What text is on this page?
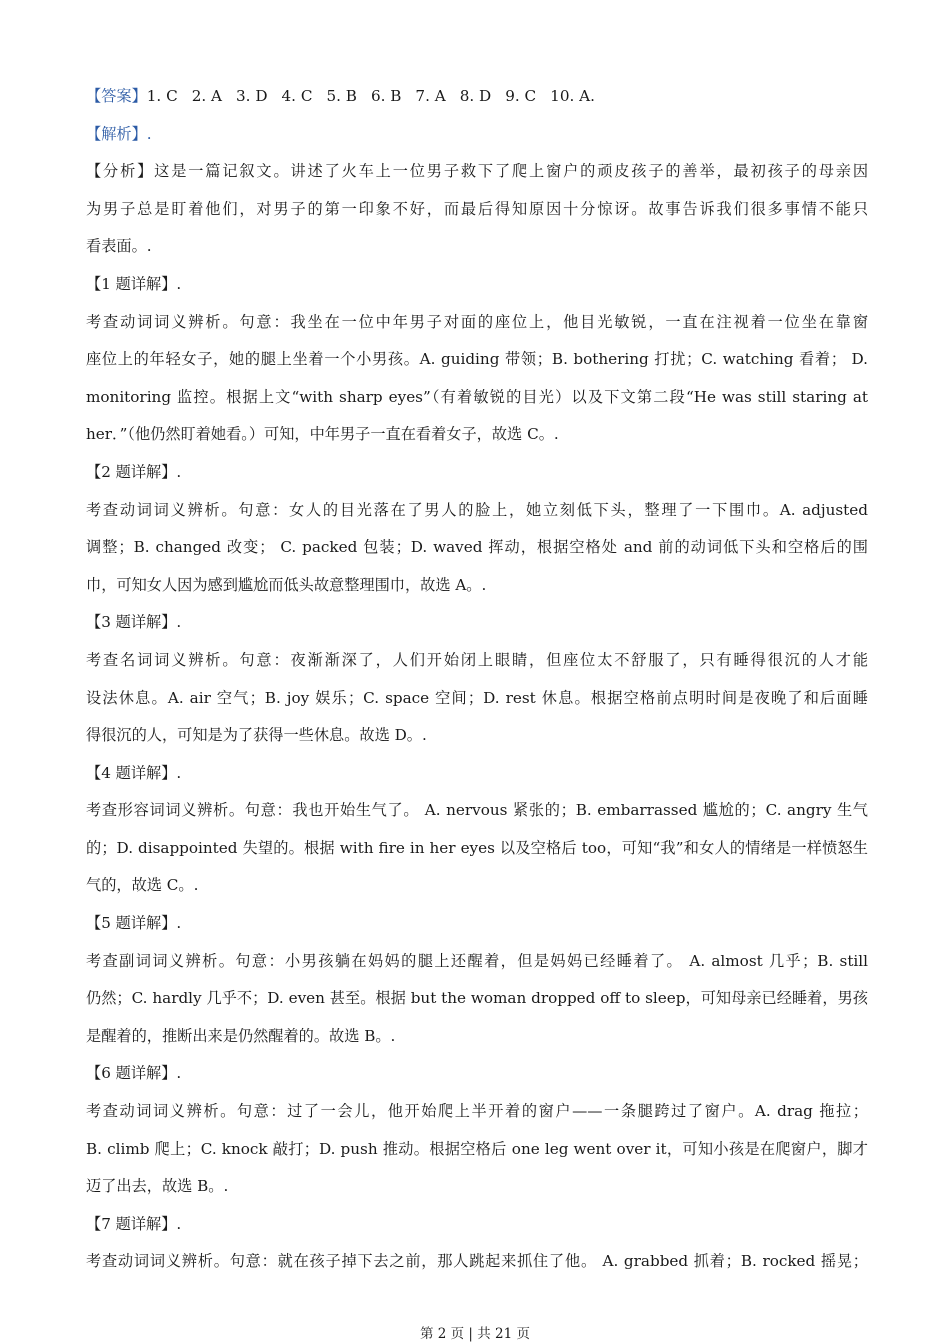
【答案】1. C 2. A 3. D 4. C 5. B 6. B 7. A 8. D 9. C 10. A.
【解析】.
【分析】这是一篇记叙文。讲述了火车上一位男子救下了爬上窗户的顽皮孩子的善举，最初孩子的母亲因
为男子总是盯着他们，对男子的第一印象不好，而最后得知原因十分惊讶。故事告诉我们很多事情不能只
看表面。.
【1 题详解】.
考查动词词义辨析。句意：我坐在一位中年男子对面的座位上，他目光敏锐，一直在注视着一位坐在靠窗
座位上的年轻女子，她的腿上坐着一个小男孩。A. guiding 带领；B. bothering 打扰；C. watching 看着； D.
monitoring 监控。根据上文“with sharp eyes”（有着敏锐的目光）以及下文第二段“He was still staring at
her．”（他仍然盯着她看。）可知，中年男子一直在看着女子，故选 C。.
【2 题详解】.
考查动词词义辨析。句意：女人的目光落在了男人的脸上，她立刻低下头，整理了一下围巾。A. adjusted
调整；B. changed 改变； C. packed 包装；D. waved 挥动，根据空格处 and 前的动词低下头和空格后的围
巾，可知女人因为感到尴尬而低头故意整理围巾，故选 A。.
【3 题详解】.
考查名词词义辨析。句意：夜渐渐深了，人们开始闭上眼睛，但座位太不舒服了，只有睡得很沉的人才能
设法休息。A. air 空气；B. joy 娱乐；C. space 空间；D. rest 休息。根据空格前点明时间是夜晚了和后面睡
得很沉的人，可知是为了获得一些休息。故选 D。.
【4 题详解】.
考查形容词词义辨析。句意：我也开始生气了。 A. nervous 紧张的；B. embarrassed 尴尬的；C. angry 生气
的；D. disappointed 失望的。根据 with fire in her eyes 以及空格后 too，可知“我”和女人的情绪是一样愤怒生
气的，故选 C。.
【5 题详解】.
考查副词词义辨析。句意：小男孩躺在妈妈的腿上还醒着，但是妈妈已经睡着了。 A. almost 几乎；B. still
仍然；C. hardly 几乎不；D. even 甚至。根据 but the woman dropped off to sleep，可知母亲已经睡着，男孩
是醒着的，推断出来是仍然醒着的。故选 B。.
【6 题详解】.
考查动词词义辨析。句意：过了一会儿，他开始爬上半开着的窗户——一条腿跨过了窗户。A. drag 拖拉；
B. climb 爬上；C. knock 敲打；D. push 推动。根据空格后 one leg went over it，可知小孩是在爬窗户，脚才
迈了出去，故选 B。.
【7 题详解】.
考查动词词义辨析。句意：就在孩子掉下去之前，那人跳起来抓住了他。 A. grabbed 抓着；B. rocked 摇晃；
第 2 页 | 共 21 页
